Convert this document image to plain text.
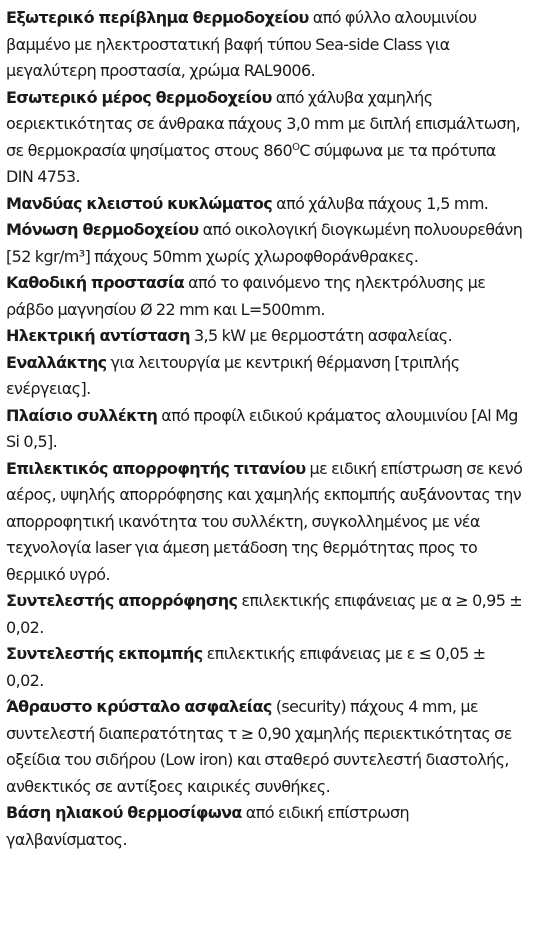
Εξωτερικό περίβλημα θερμοδοχείου από φύλλο αλουμινίου βαμμένο με ηλεκτροστατική βαφή τύπου Sea-side Class για μεγαλύτερη προστασία, χρώμα RAL9006.

Εσωτερικό μέρος θερμοδοχείου από χάλυβα χαμηλής οεριεκτικότητας σε άνθρακα πάχους 3,0 mm με διπλή επισμάλτωση, σε θερμοκρασία ψησίματος στους $860^OC$ σύμφωνα με τα πρότυπα DIN 4753.

Μανδύας κλειστού κυκλώματος από χάλυβα πάχους 1,5 mm.

Μόνωση θερμοδοχείου από οικολογική διογκωμένη πολυουρεθάνη [52 kgr/m³] πάχους 50mm χωρίς χλωροφθοράνθρακες.

Καθοδική προστασία από το φαινόμενο της ηλεκτρόλυσης με ράβδο μαγνησίου Ø 22 mm και L=500mm.

Ηλεκτρική αντίσταση 3,5 kW με θερμοστάτη ασφαλείας.

Εναλλάκτης για λειτουργία με κεντρική θέρμανση [τριπλής ενέργειας].

Πλαίσιο συλλέκτη από προφίλ ειδικού κράματος αλουμινίου [Al Mg Si 0,5].

Επιλεκτικός απορροφητής τιτανίου με ειδική επίστρωση σε κενό αέρος, υψηλής απορρόφησης και χαμηλής εκπομπής αυξάνοντας την απορροφητική ικανότητα του συλλέκτη, συγκολλημένος με νέα τεχνολογία laser για άμεση μετάδοση της θερμότητας προς το θερμικό υγρό.

Συντελεστής απορρόφησης επιλεκτικής επιφάνειας με α ≥ 0,95 ± 0,02.

Συντελεστής εκπομπής επιλεκτικής επιφάνειας με ε ≤ 0,05 ± 0,02.

Άθραυστο κρύσταλο ασφαλείας (security) πάχους 4 mm, με συντελεστή διαπερατότητας τ ≥ 0,90 χαμηλής περιεκτικότητας σε οξείδια του σιδήρου (Low iron) και σταθερό συντελεστή διαστολής, ανθεκτικός σε αντίξοες καιρικές συνθήκες.

Βάση ηλιακού θερμοσίφωνα από ειδική επίστρωση γαλβανίσματος.
